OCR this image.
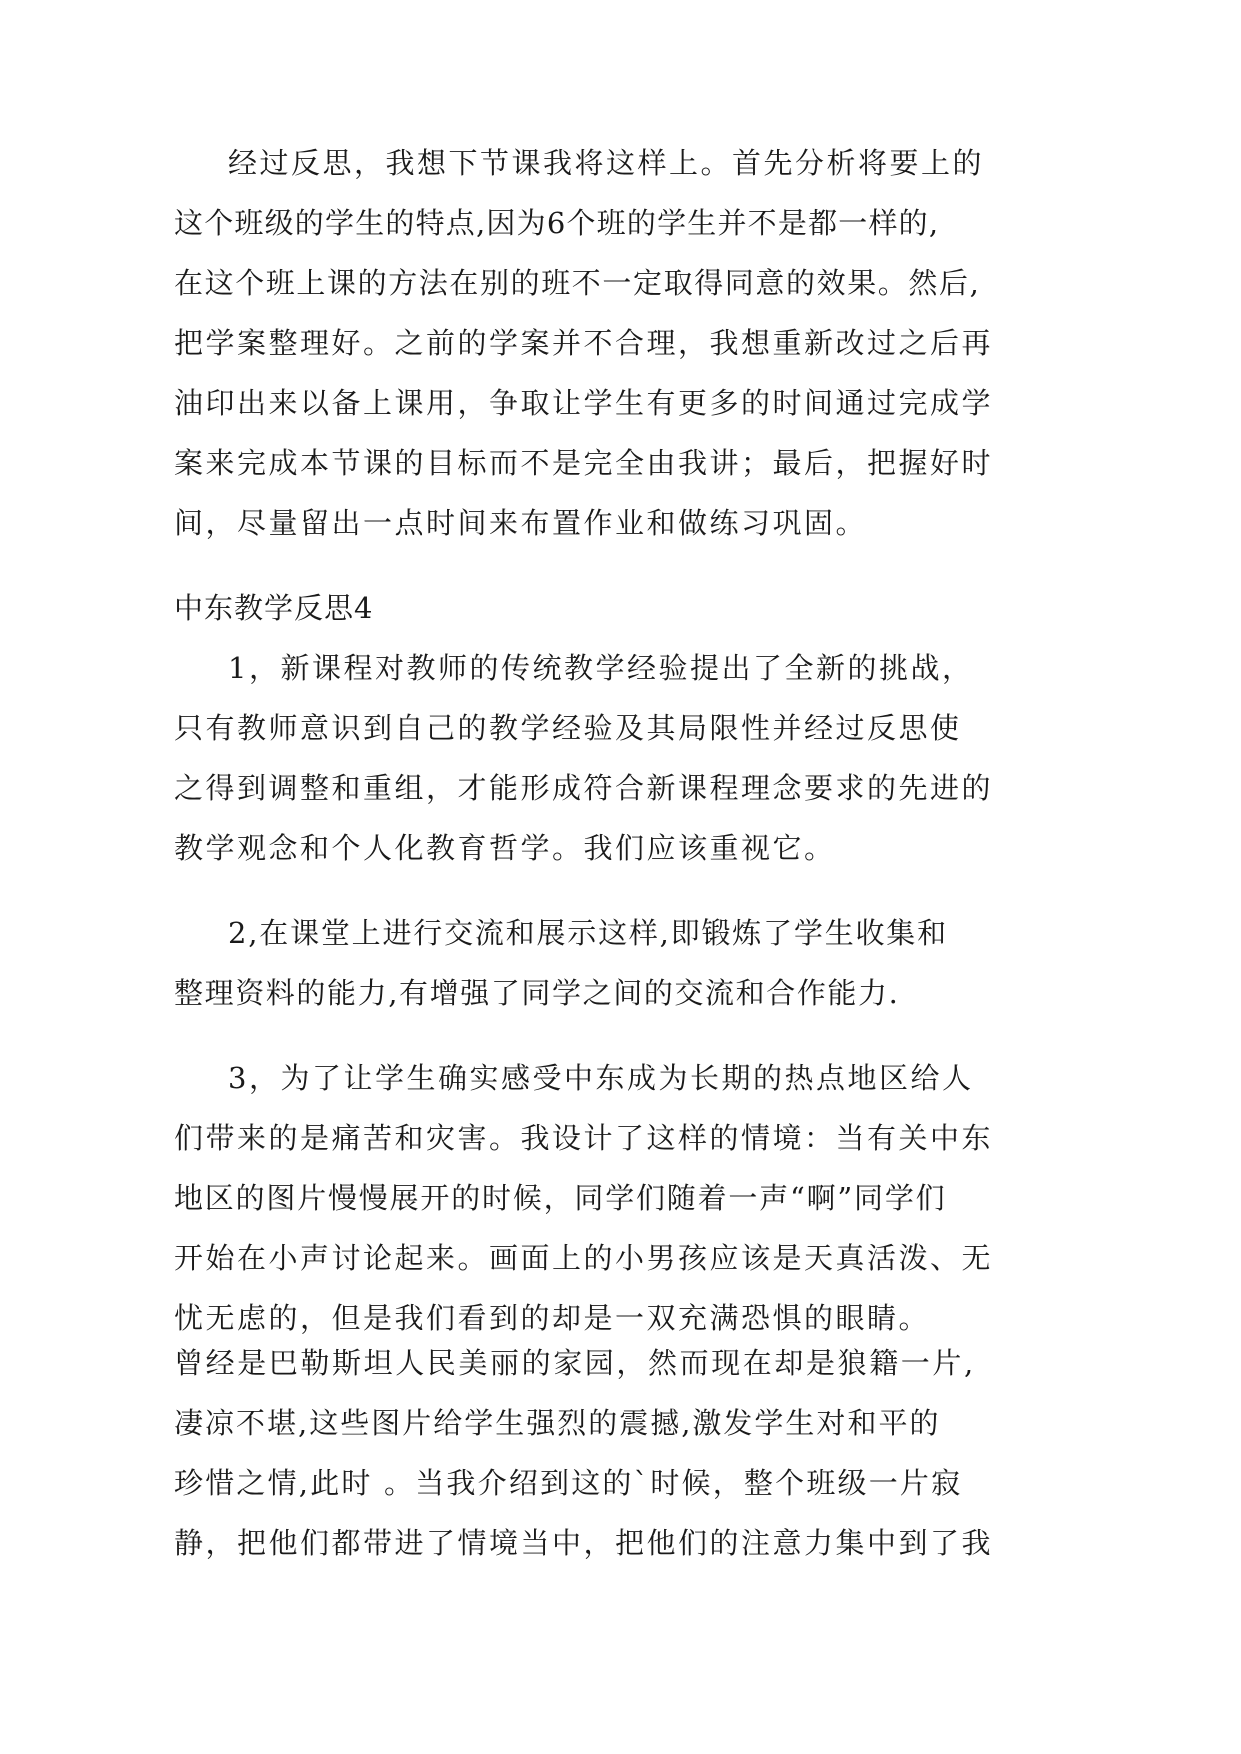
经过反思，我想下节课我将这样上。首先分析将要上的

这个班级的学生的特点,因为6个班的学生并不是都一样的,

在这个班上课的方法在别的班不一定取得同意的效果。然后,

把学案整理好。之前的学案并不合理，我想重新改过之后再

油印出来以备上课用，争取让学生有更多的时间通过完成学

案来完成本节课的目标而不是完全由我讲；最后，把握好时

间，尽量留出一点时间来布置作业和做练习巩固。

中东教学反思4

1，新课程对教师的传统教学经验提出了全新的挑战，

只有教师意识到自己的教学经验及其局限性并经过反思使

之得到调整和重组，才能形成符合新课程理念要求的先进的

教学观念和个人化教育哲学。我们应该重视它。

2,在课堂上进行交流和展示这样,即锻炼了学生收集和

整理资料的能力,有增强了同学之间的交流和合作能力.

3，为了让学生确实感受中东成为长期的热点地区给人

们带来的是痛苦和灾害。我设计了这样的情境：当有关中东

地区的图片慢慢展开的时候，同学们随着一声“啊”同学们

开始在小声讨论起来。画面上的小男孩应该是天真活泼、无

忧无虑的，但是我们看到的却是一双充满恐惧的眼睛。

曾经是巴勒斯坦人民美丽的家园，然而现在却是狼籍一片,

凄凉不堪,这些图片给学生强烈的震撼,激发学生对和平的

珍惜之情,此时 。当我介绍到这的`时候，整个班级一片寂

静，把他们都带进了情境当中，把他们的注意力集中到了我
